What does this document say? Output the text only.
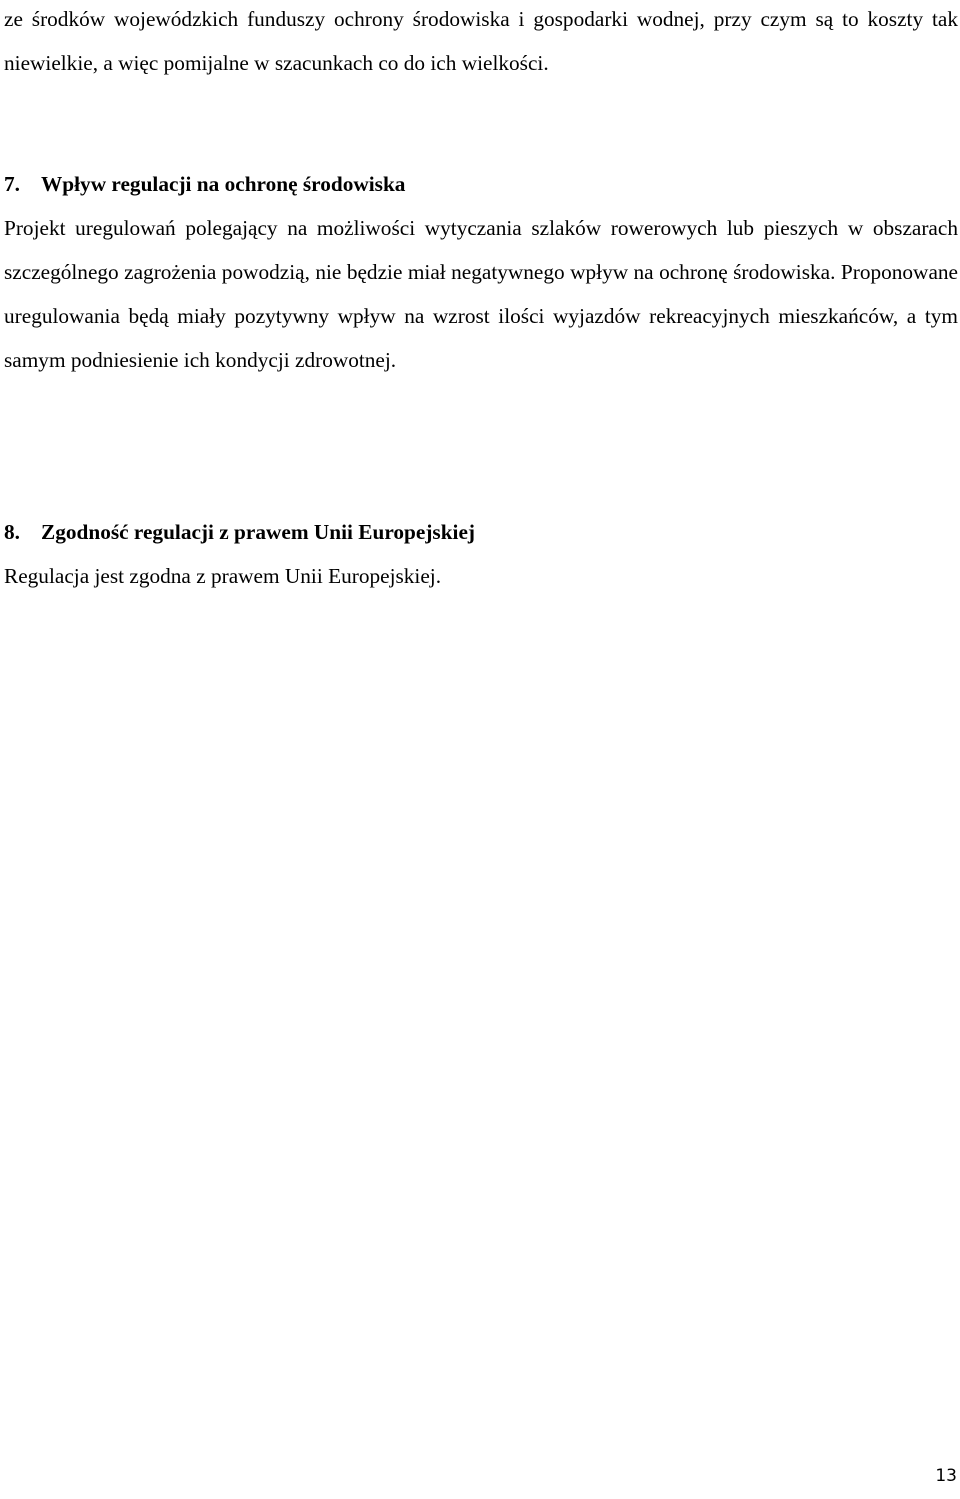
ze środków wojewódzkich funduszy ochrony środowiska i gospodarki wodnej, przy czym są to koszty tak niewielkie, a więc pomijalne w szacunkach co do ich wielkości.

7. Wpływ regulacji na ochronę środowiska

Projekt uregulowań polegający na możliwości wytyczania szlaków rowerowych lub pieszych w obszarach szczególnego zagrożenia powodzią, nie będzie miał negatywnego wpływ na ochronę środowiska. Proponowane uregulowania będą miały pozytywny wpływ na wzrost ilości wyjazdów rekreacyjnych mieszkańców, a tym samym podniesienie ich kondycji zdrowotnej.

8. Zgodność regulacji z prawem Unii Europejskiej

Regulacja jest zgodna z prawem Unii Europejskiej.

13
